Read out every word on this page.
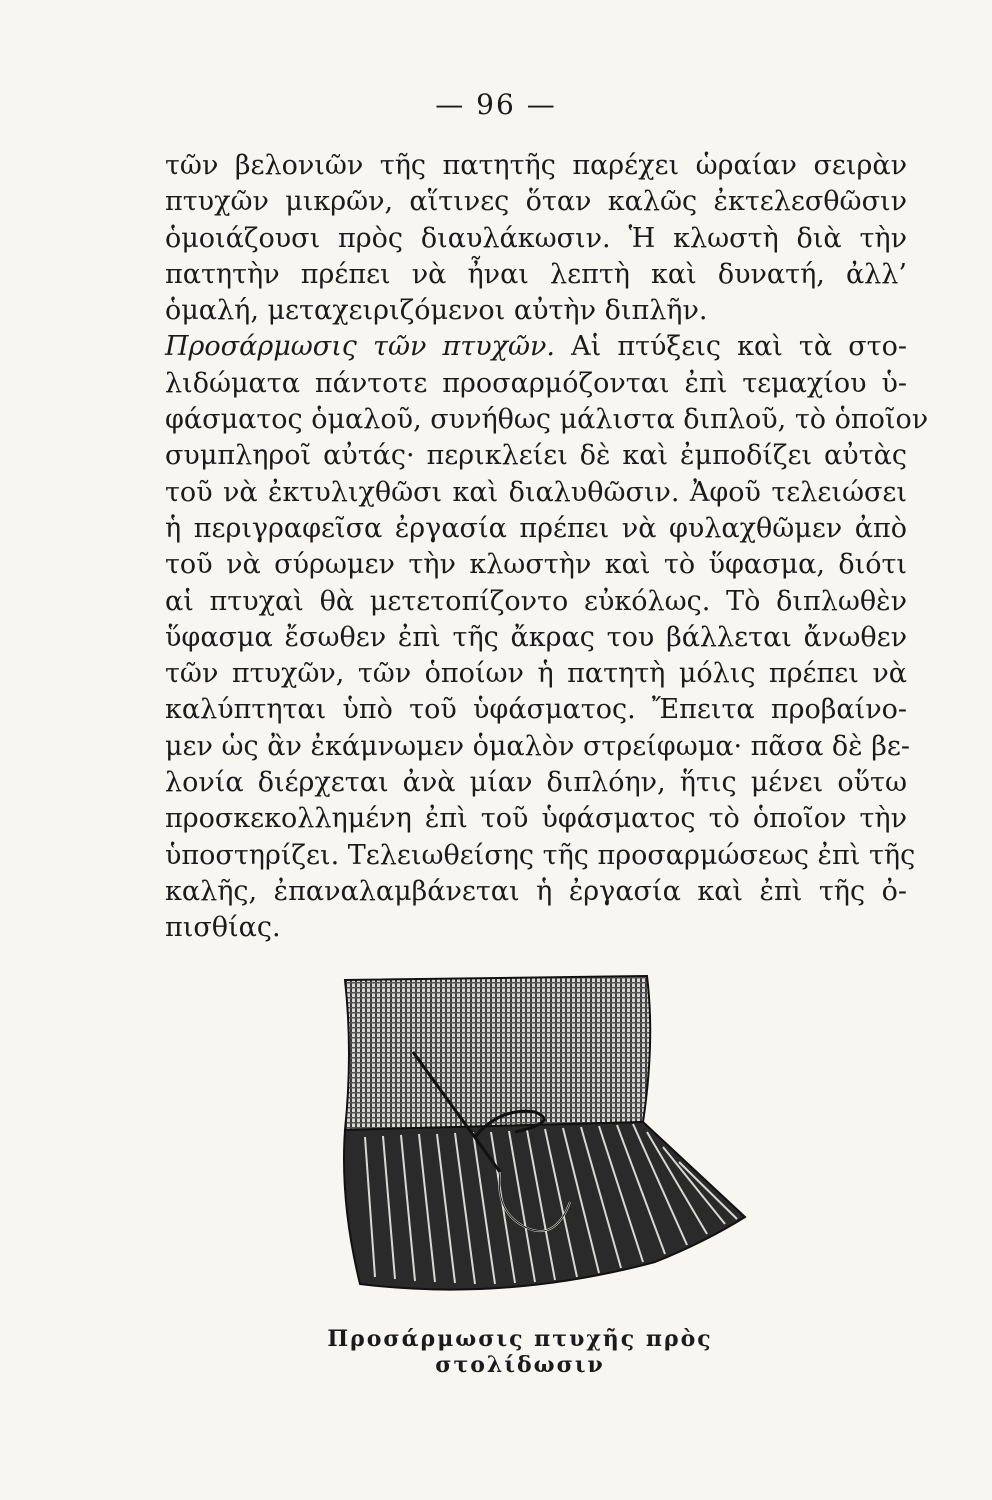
— 96 —
τῶν βελονιῶν τῆς πατητῆς παρέχει ὡραίαν σειρὰν
πτυχῶν μικρῶν, αἵτινες ὅταν καλῶς ἐκτελεσθῶσιν
ὁμοιάζουσι πρὸς διαυλάκωσιν. Ἡ κλωστὴ διὰ τὴν
πατητὴν πρέπει νὰ ἦναι λεπτὴ καὶ δυνατή, ἀλλ’
ὁμαλή, μεταχειριζόμενοι αὐτὴν διπλῆν.
Προσάρμωσις τῶν πτυχῶν. Αἱ πτύξεις καὶ τὰ στο-
λιδώματα πάντοτε προσαρμόζονται ἐπὶ τεμαχίου ὑ-
φάσματος ὁμαλοῦ, συνήθως μάλιστα διπλοῦ, τὸ ὁποῖον
συμπληροῖ αὐτάς· περικλείει δὲ καὶ ἐμποδίζει αὐτὰς
τοῦ νὰ ἐκτυλιχθῶσι καὶ διαλυθῶσιν. Ἀφοῦ τελειώσει
ἡ περιγραφεῖσα ἐργασία πρέπει νὰ φυλαχθῶμεν ἀπὸ
τοῦ νὰ σύρωμεν τὴν κλωστὴν καὶ τὸ ὕφασμα, διότι
αἱ πτυχαὶ θὰ μετετοπίζοντο εὐκόλως. Τὸ διπλωθὲν
ὕφασμα ἔσωθεν ἐπὶ τῆς ἄκρας του βάλλεται ἄνωθεν
τῶν πτυχῶν, τῶν ὁποίων ἡ πατητὴ μόλις πρέπει νὰ
καλύπτηται ὑπὸ τοῦ ὑφάσματος. Ἔπειτα προβαίνο-
μεν ὡς ἂν ἐκάμνωμεν ὁμαλὸν στρείφωμα· πᾶσα δὲ βε-
λονία διέρχεται ἀνὰ μίαν διπλόην, ἥτις μένει οὕτω
προσκεκολλημένη ἐπὶ τοῦ ὑφάσματος τὸ ὁποῖον τὴν
ὑποστηρίζει. Τελειωθείσης τῆς προσαρμώσεως ἐπὶ τῆς
καλῆς, ἐπαναλαμβάνεται ἡ ἐργασία καὶ ἐπὶ τῆς ὀ-
πισθίας.
Προσάρμωσις πτυχῆς πρὸς στολίδωσιν
